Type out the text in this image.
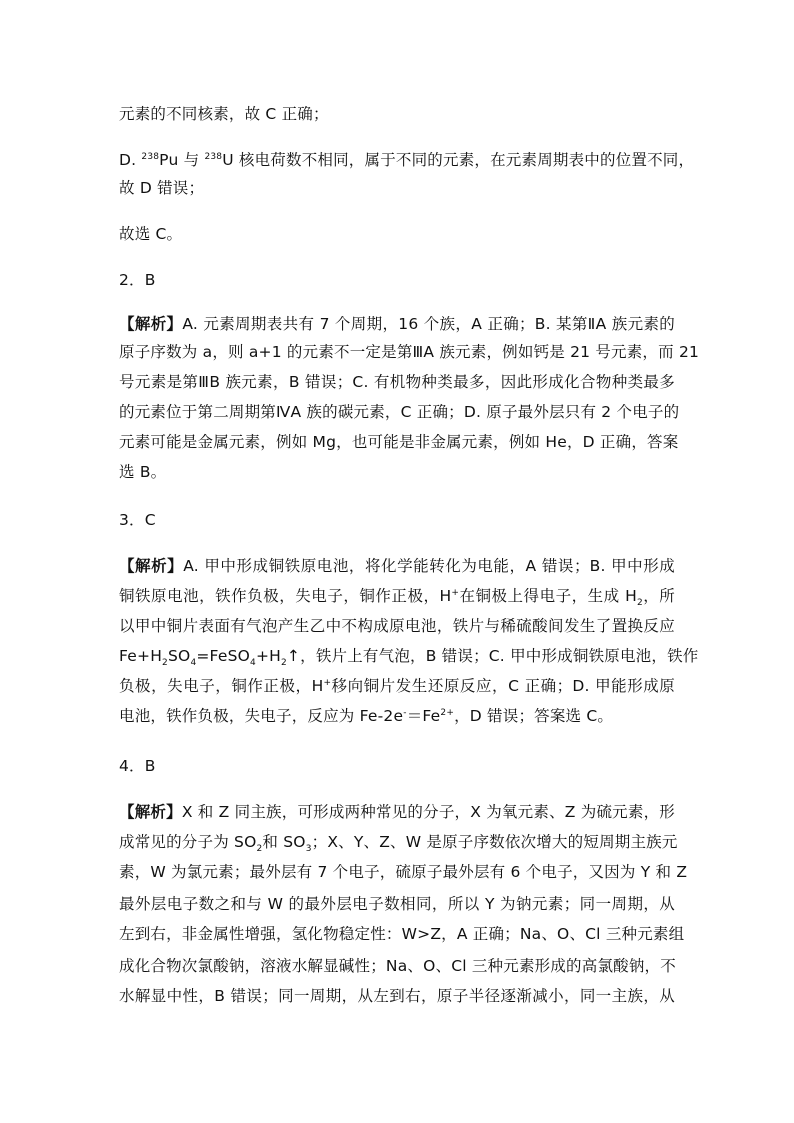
元素的不同核素，故 C 正确；
D. $^{238}$Pu 与 $^{238}$U 核电荷数不相同，属于不同的元素，在元素周期表中的位置不同，
故 D 错误；
故选 C。
2．B
【解析】A. 元素周期表共有 7 个周期，16 个族，A 正确；B. 某第ⅡA 族元素的
原子序数为 a，则 a+1 的元素不一定是第ⅢA 族元素，例如钙是 21 号元素，而 21
号元素是第ⅢB 族元素，B 错误；C. 有机物种类最多，因此形成化合物种类最多
的元素位于第二周期第ⅣA 族的碳元素，C 正确；D. 原子最外层只有 2 个电子的
元素可能是金属元素，例如 Mg，也可能是非金属元素，例如 He，D 正确，答案
选 B。
3．C
【解析】A. 甲中形成铜铁原电池，将化学能转化为电能，A 错误；B. 甲中形成
铜铁原电池，铁作负极，失电子，铜作正极，H+在铜极上得电子，生成 $H_2$，所
以甲中铜片表面有气泡产生乙中不构成原电池，铁片与稀硫酸间发生了置换反应
$Fe+H_2SO_4=FeSO_4+H_2↑$，铁片上有气泡，B 错误；C. 甲中形成铜铁原电池，铁作
负极，失电子，铜作正极，H+移向铜片发生还原反应，C 正确；D. 甲能形成原
电池，铁作负极，失电子，反应为 $Fe-2e^-=Fe^{2+}$，D 错误；答案选 C。
4．B
【解析】X 和 Z 同主族，可形成两种常见的分子，X 为氧元素、Z 为硫元素，形
成常见的分子为 $SO_2$和 $SO_3$；X、Y、Z、W 是原子序数依次增大的短周期主族元
素，W 为氯元素；最外层有 7 个电子，硫原子最外层有 6 个电子，又因为 Y 和 Z
最外层电子数之和与 W 的最外层电子数相同，所以 Y 为钠元素；同一周期，从
左到右，非金属性增强，氢化物稳定性：W>Z，A 正确；Na、O、Cl 三种元素组
成化合物次氯酸钠，溶液水解显碱性；Na、O、Cl 三种元素形成的高氯酸钠，不
水解显中性，B 错误；同一周期，从左到右，原子半径逐渐减小，同一主族，从
